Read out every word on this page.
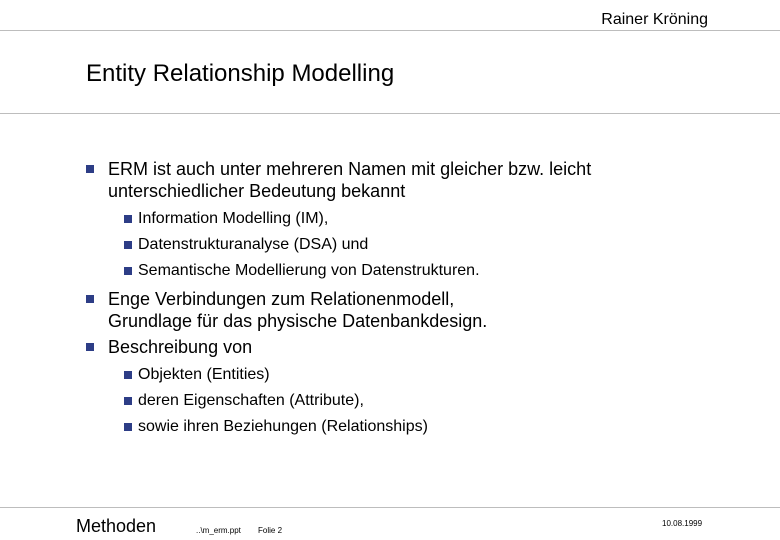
Rainer Kröning
Entity Relationship Modelling
ERM ist auch unter mehreren Namen mit gleicher bzw. leicht
unterschiedlicher Bedeutung bekannt
Information Modelling (IM),
Datenstrukturanalyse (DSA) und
Semantische Modellierung von Datenstrukturen.
Enge Verbindungen zum Relationenmodell,
Grundlage für das physische Datenbankdesign.
Beschreibung von
Objekten (Entities)
deren Eigenschaften (Attribute),
sowie ihren Beziehungen (Relationships)
Methoden	..\m_erm.ppt Folie 2
10.08.1999
